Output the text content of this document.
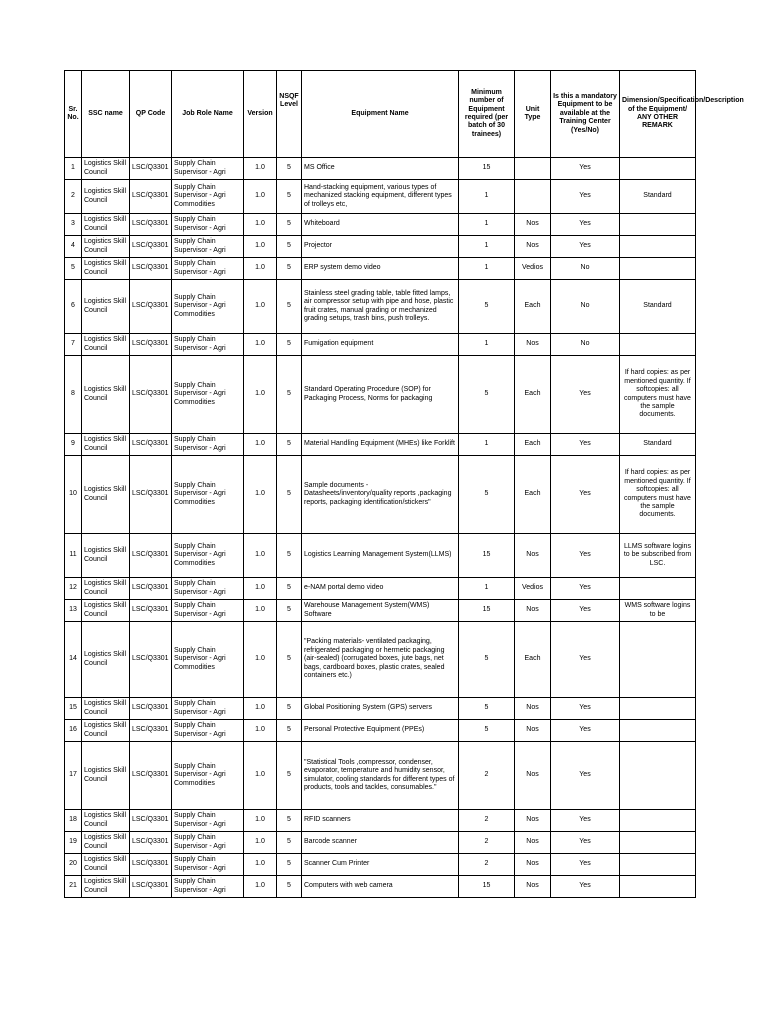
Sr. No.	SSC name	QP Code	Job Role Name	Version	NSQF Level	Equipment Name	Minimum number of Equipment required (per batch of 30 trainees)	Unit Type	Is this a mandatory Equipment to be available at the Training Center (Yes/No)	Dimension/Specification/Description of the Equipment/ ANY OTHER REMARK
1	Logistics Skill Council	LSC/Q3301	Supply Chain Supervisor - Agri	1.0	5	MS Office	15		Yes	
2	Logistics Skill Council	LSC/Q3301	Supply Chain Supervisor - Agri Commodities	1.0	5	Hand-stacking equipment, various types of mechanized stacking equipment, different types of trolleys etc,	1		Yes	Standard
3	Logistics Skill Council	LSC/Q3301	Supply Chain Supervisor - Agri	1.0	5	Whiteboard	1	Nos	Yes	
4	Logistics Skill Council	LSC/Q3301	Supply Chain Supervisor - Agri	1.0	5	Projector	1	Nos	Yes	
5	Logistics Skill Council	LSC/Q3301	Supply Chain Supervisor - Agri	1.0	5	ERP system demo video	1	Vedios	No	
6	Logistics Skill Council	LSC/Q3301	Supply Chain Supervisor - Agri Commodities	1.0	5	Stainless steel grading table, table fitted lamps, air compressor setup with pipe and hose, plastic fruit crates, manual grading or mechanized grading setups, trash bins, push trolleys.	5	Each	No	Standard
7	Logistics Skill Council	LSC/Q3301	Supply Chain Supervisor - Agri	1.0	5	Fumigation equipment	1	Nos	No	
8	Logistics Skill Council	LSC/Q3301	Supply Chain Supervisor - Agri Commodities	1.0	5	Standard Operating Procedure (SOP) for Packaging Process, Norms for packaging	5	Each	Yes	If hard copies: as per mentioned quantity. If softcopies: all computers must have the sample documents.
9	Logistics Skill Council	LSC/Q3301	Supply Chain Supervisor - Agri	1.0	5	Material Handling Equipment (MHEs) like Forklift	1	Each	Yes	Standard
10	Logistics Skill Council	LSC/Q3301	Supply Chain Supervisor - Agri Commodities	1.0	5	Sample documents - Datasheets/inventory/quality reports ,packaging reports, packaging identification/stickers"	5	Each	Yes	If hard copies: as per mentioned quantity. If softcopies: all computers must have the sample documents.
11	Logistics Skill Council	LSC/Q3301	Supply Chain Supervisor - Agri Commodities	1.0	5	Logistics Learning Management System(LLMS)	15	Nos	Yes	LLMS software logins to be subscribed from LSC.
12	Logistics Skill Council	LSC/Q3301	Supply Chain Supervisor - Agri	1.0	5	e-NAM portal demo video	1	Vedios	Yes	
13	Logistics Skill Council	LSC/Q3301	Supply Chain Supervisor - Agri	1.0	5	Warehouse Management System(WMS) Software	15	Nos	Yes	WMS software logins to be
14	Logistics Skill Council	LSC/Q3301	Supply Chain Supervisor - Agri Commodities	1.0	5	"Packing materials- ventilated packaging, refrigerated packaging or hermetic packaging (air-sealed) (corrugated boxes, jute bags, net bags, cardboard boxes, plastic crates, sealed containers etc.)	5	Each	Yes	
15	Logistics Skill Council	LSC/Q3301	Supply Chain Supervisor - Agri	1.0	5	Global Positioning System (GPS) servers	5	Nos	Yes	
16	Logistics Skill Council	LSC/Q3301	Supply Chain Supervisor - Agri	1.0	5	Personal Protective Equipment (PPEs)	5	Nos	Yes	
17	Logistics Skill Council	LSC/Q3301	Supply Chain Supervisor - Agri Commodities	1.0	5	"Statistical Tools ,compressor, condenser, evaporator, temperature and humidity sensor, simulator, cooling standards for different types of products, tools and tackles, consumables."	2	Nos	Yes	
18	Logistics Skill Council	LSC/Q3301	Supply Chain Supervisor - Agri	1.0	5	RFID scanners	2	Nos	Yes	
19	Logistics Skill Council	LSC/Q3301	Supply Chain Supervisor - Agri	1.0	5	Barcode scanner	2	Nos	Yes	
20	Logistics Skill Council	LSC/Q3301	Supply Chain Supervisor - Agri	1.0	5	Scanner Cum Printer	2	Nos	Yes	
21	Logistics Skill Council	LSC/Q3301	Supply Chain Supervisor - Agri	1.0	5	Computers with web camera	15	Nos	Yes	
